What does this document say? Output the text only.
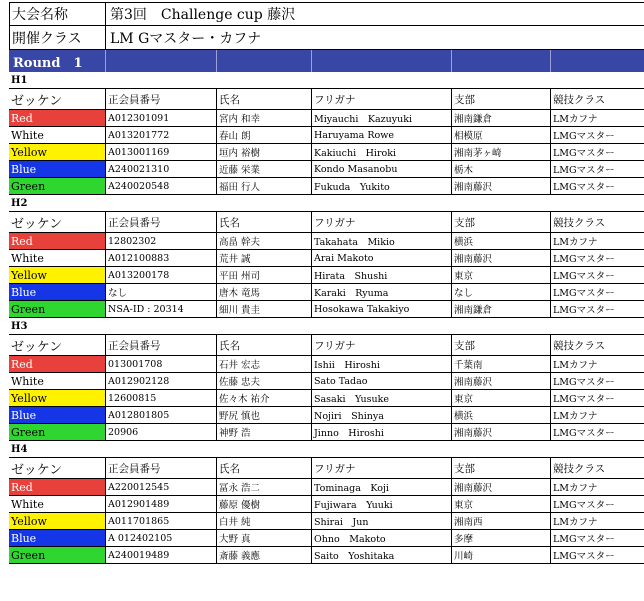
大会名称	第3回　Challenge cup 藤沢
開催クラス	LM Gマスター・カフナ
Round　1
H1
ゼッケン	正会員番号	氏名	フリガナ	支部	競技クラス
Red	A012301091	宮内 和幸	Miyauchi　Kazuyuki	湘南鎌倉	LMカフナ
White	A013201772	春山 朗	Haruyama Rowe	相模原	LMGマスター
Yellow	A013001169	垣内 裕樹	Kakiuchi　Hiroki	湘南茅ヶ崎	LMGマスター
Blue	A240021310	近藤 栄業	Kondo Masanobu	栃木	LMGマスター
Green	A240020548	福田 行人	Fukuda　Yukito	湘南藤沢	LMGマスター
H2
ゼッケン	正会員番号	氏名	フリガナ	支部	競技クラス
Red	12802302	高畠 幹夫	Takahata　Mikio	横浜	LMカフナ
White	A012100883	荒井 誠	Arai Makoto	湘南藤沢	LMGマスター
Yellow	A013200178	平田 州司	Hirata　Shushi	東京	LMGマスター
Blue	なし	唐木 竜馬	Karaki　Ryuma	なし	LMGマスター
Green	NSA-ID : 20314	細川 貴圭	Hosokawa Takakiyo	湘南鎌倉	LMGマスター
H3
ゼッケン	正会員番号	氏名	フリガナ	支部	競技クラス
Red	013001708	石井 宏志	Ishii　Hiroshi	千葉南	LMカフナ
White	A012902128	佐藤 忠夫	Sato Tadao	湘南藤沢	LMGマスター
Yellow	12600815	佐々木 祐介	Sasaki　Yusuke	東京	LMGマスター
Blue	A012801805	野尻 慎也	Nojiri　Shinya	横浜	LMカフナ
Green	20906	神野 浩	Jinno　Hiroshi	湘南藤沢	LMGマスター
H4
ゼッケン	正会員番号	氏名	フリガナ	支部	競技クラス
Red	A220012545	冨永 浩二	Tominaga　Koji	湘南藤沢	LMカフナ
White	A012901489	藤原 優樹	Fujiwara　Yuuki	東京	LMGマスター
Yellow	A011701865	白井 純	Shirai　Jun	湘南西	LMカフナ
Blue	A 012402105	大野 真	Ohno　Makoto	多摩	LMGマスター
Green	A240019489	斎藤 義應	Saito　Yoshitaka	川崎	LMGマスター
